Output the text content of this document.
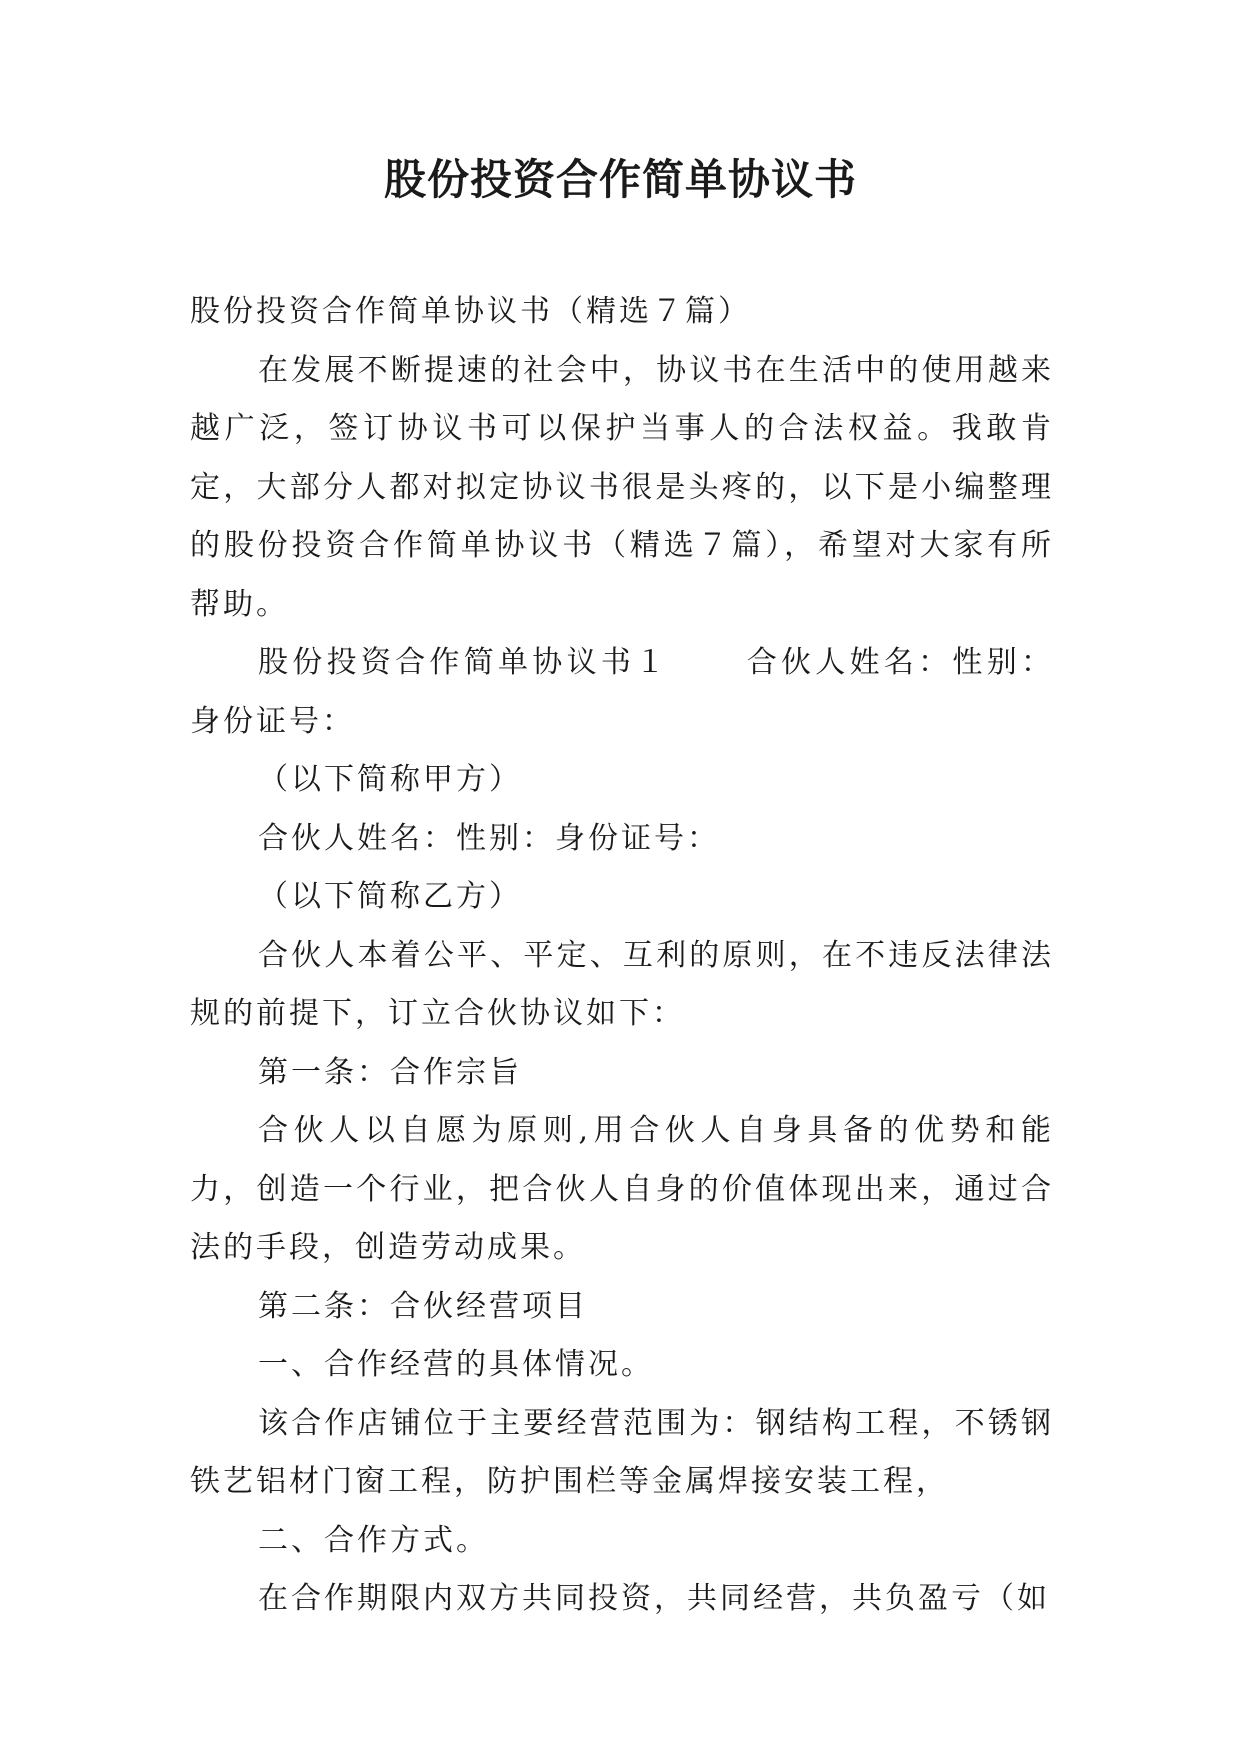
股份投资合作简单协议书

股份投资合作简单协议书（精选７篇）

在发展不断提速的社会中，协议书在生活中的使用越来越广泛，签订协议书可以保护当事人的合法权益。我敢肯定，大部分人都对拟定协议书很是头疼的，以下是小编整理的股份投资合作简单协议书（精选７篇），希望对大家有所帮助。

股份投资合作简单协议书１	合伙人姓名：性别：身份证号：

（以下简称甲方）

合伙人姓名：性别：身份证号：

（以下简称乙方）

合伙人本着公平、平定、互利的原则，在不违反法律法规的前提下，订立合伙协议如下：

第一条：合作宗旨

合伙人以自愿为原则,用合伙人自身具备的优势和能力，创造一个行业，把合伙人自身的价值体现出来，通过合法的手段，创造劳动成果。

第二条：合伙经营项目

一、合作经营的具体情况。

该合作店铺位于主要经营范围为：钢结构工程，不锈钢铁艺铝材门窗工程，防护围栏等金属焊接安装工程，

二、合作方式。

在合作期限内双方共同投资，共同经营，共负盈亏（如
